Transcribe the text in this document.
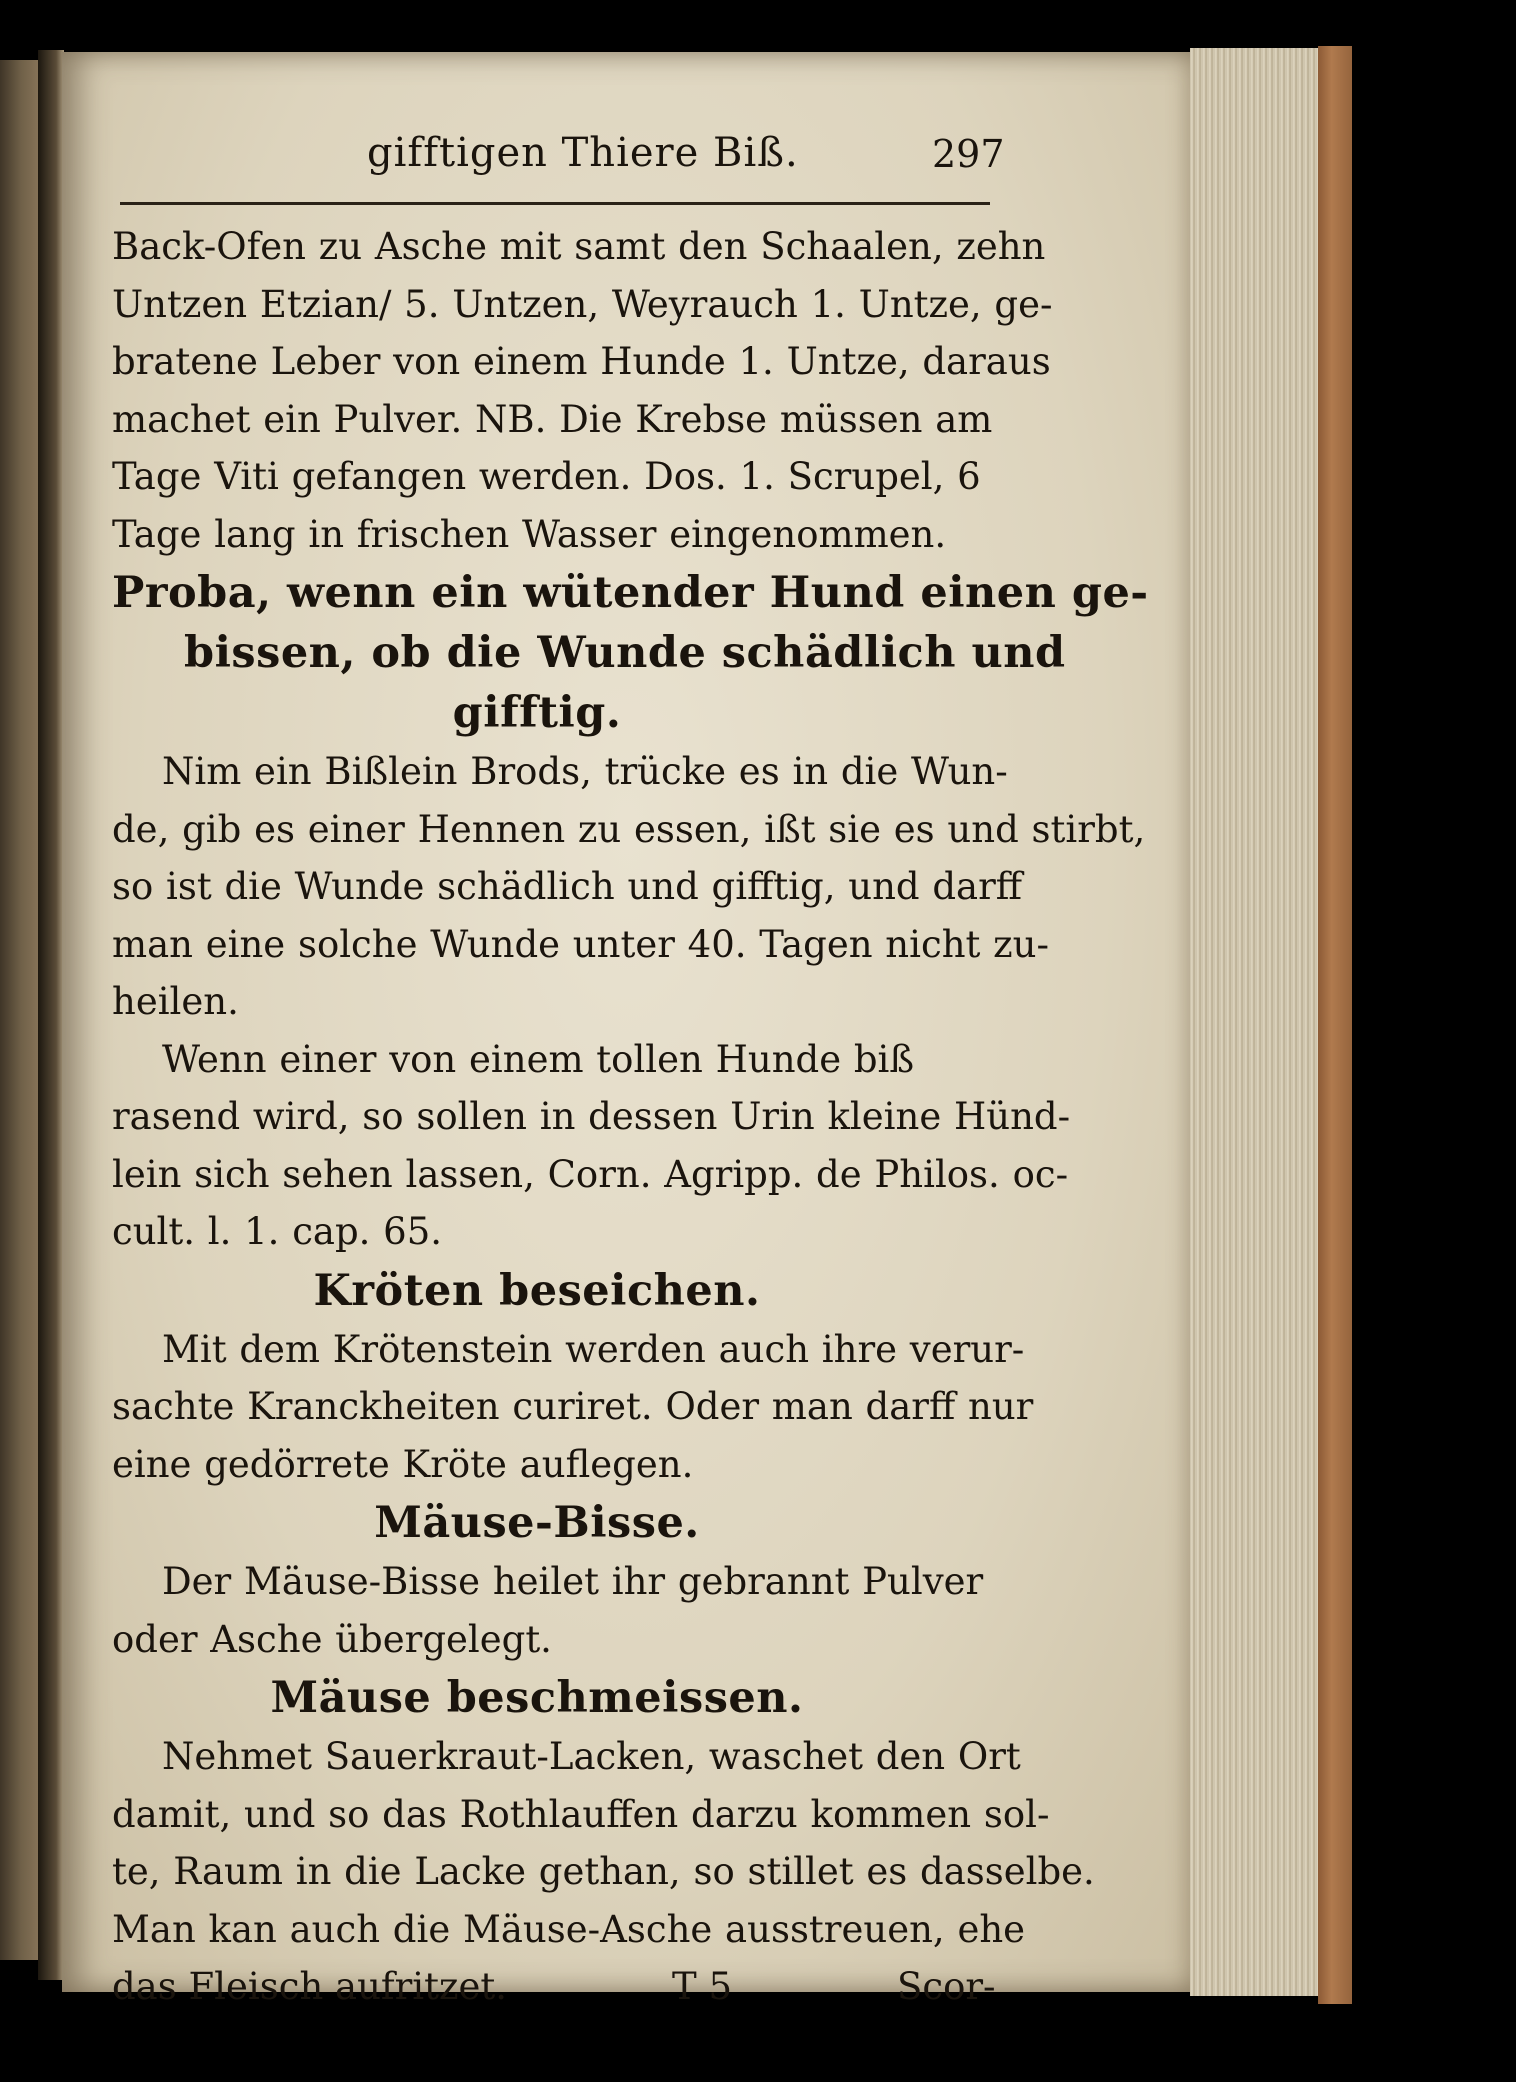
gifftigen Thiere Biß.	297
Back-Ofen zu Asche mit samt den Schaalen, zehn
Untzen Etzian/ 5. Untzen, Weyrauch 1. Untze, ge-
bratene Leber von einem Hunde 1. Untze, daraus
machet ein Pulver. NB. Die Krebse müssen am
Tage Viti gefangen werden. Dos. 1. Scrupel, 6
Tage lang in frischen Wasser eingenommen.
Proba, wenn ein wütender Hund einen ge-
bissen, ob die Wunde schädlich und
gifftig.
Nim ein Bißlein Brods, trücke es in die Wun-
de, gib es einer Hennen zu essen, ißt sie es und stirbt,
so ist die Wunde schädlich und gifftig, und darff
man eine solche Wunde unter 40. Tagen nicht zu-
heilen.
Wenn einer von einem tollen Hunde biß
rasend wird, so sollen in dessen Urin kleine Hünd-
lein sich sehen lassen, Corn. Agripp. de Philos. oc-
cult. l. 1. cap. 65.
Kröten beseichen.
Mit dem Krötenstein werden auch ihre verur-
sachte Kranckheiten curiret. Oder man darff nur
eine gedörrete Kröte auflegen.
Mäuse-Bisse.
Der Mäuse-Bisse heilet ihr gebrannt Pulver
oder Asche übergelegt.
Mäuse beschmeissen.
Nehmet Sauerkraut-Lacken, waschet den Ort
damit, und so das Rothlauffen darzu kommen sol-
te, Raum in die Lacke gethan, so stillet es dasselbe.
Man kan auch die Mäuse-Asche ausstreuen, ehe
das Fleisch aufritzet.	T 5	Scor-
